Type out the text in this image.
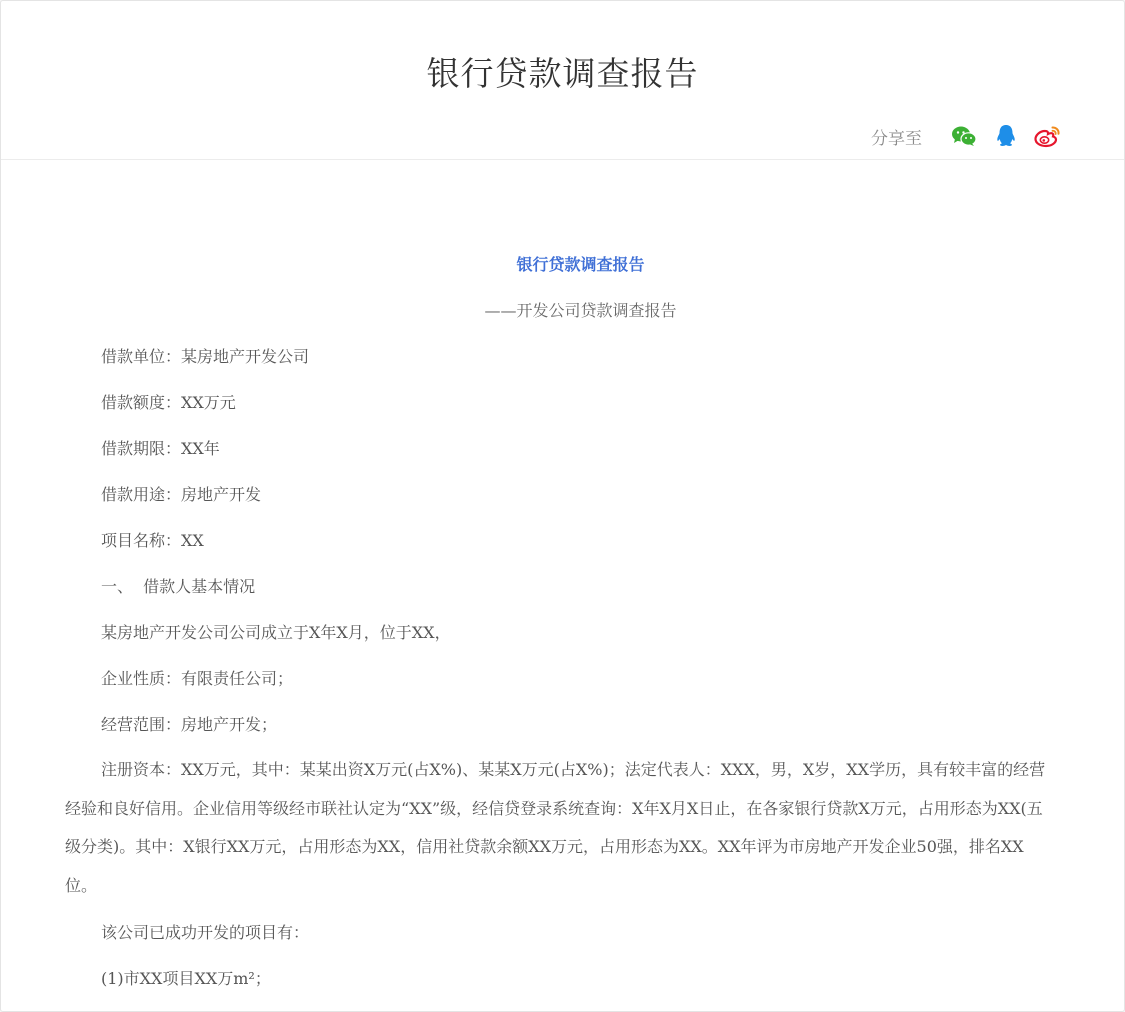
银行贷款调查报告
分享至

银行贷款调查报告

——开发公司贷款调查报告

借款单位：某房地产开发公司

借款额度：XX万元

借款期限：XX年

借款用途：房地产开发

项目名称：XX

一、  借款人基本情况

某房地产开发公司公司成立于X年X月，位于XX，

企业性质：有限责任公司；

经营范围：房地产开发；

注册资本：XX万元，其中：某某出资X万元(占X%)、某某X万元(占X%)；法定代表人：XXX，男，X岁，XX学历，具有较丰富的经营经验和良好信用。企业信用等级经市联社认定为“XX”级，经信贷登录系统查询：X年X月X日止，在各家银行贷款X万元，占用形态为XX(五级分类)。其中：X银行XX万元，占用形态为XX，信用社贷款余额XX万元，占用形态为XX。XX年评为市房地产开发企业50强，排名XX位。

该公司已成功开发的项目有：

(1)市XX项目XX万m²；
